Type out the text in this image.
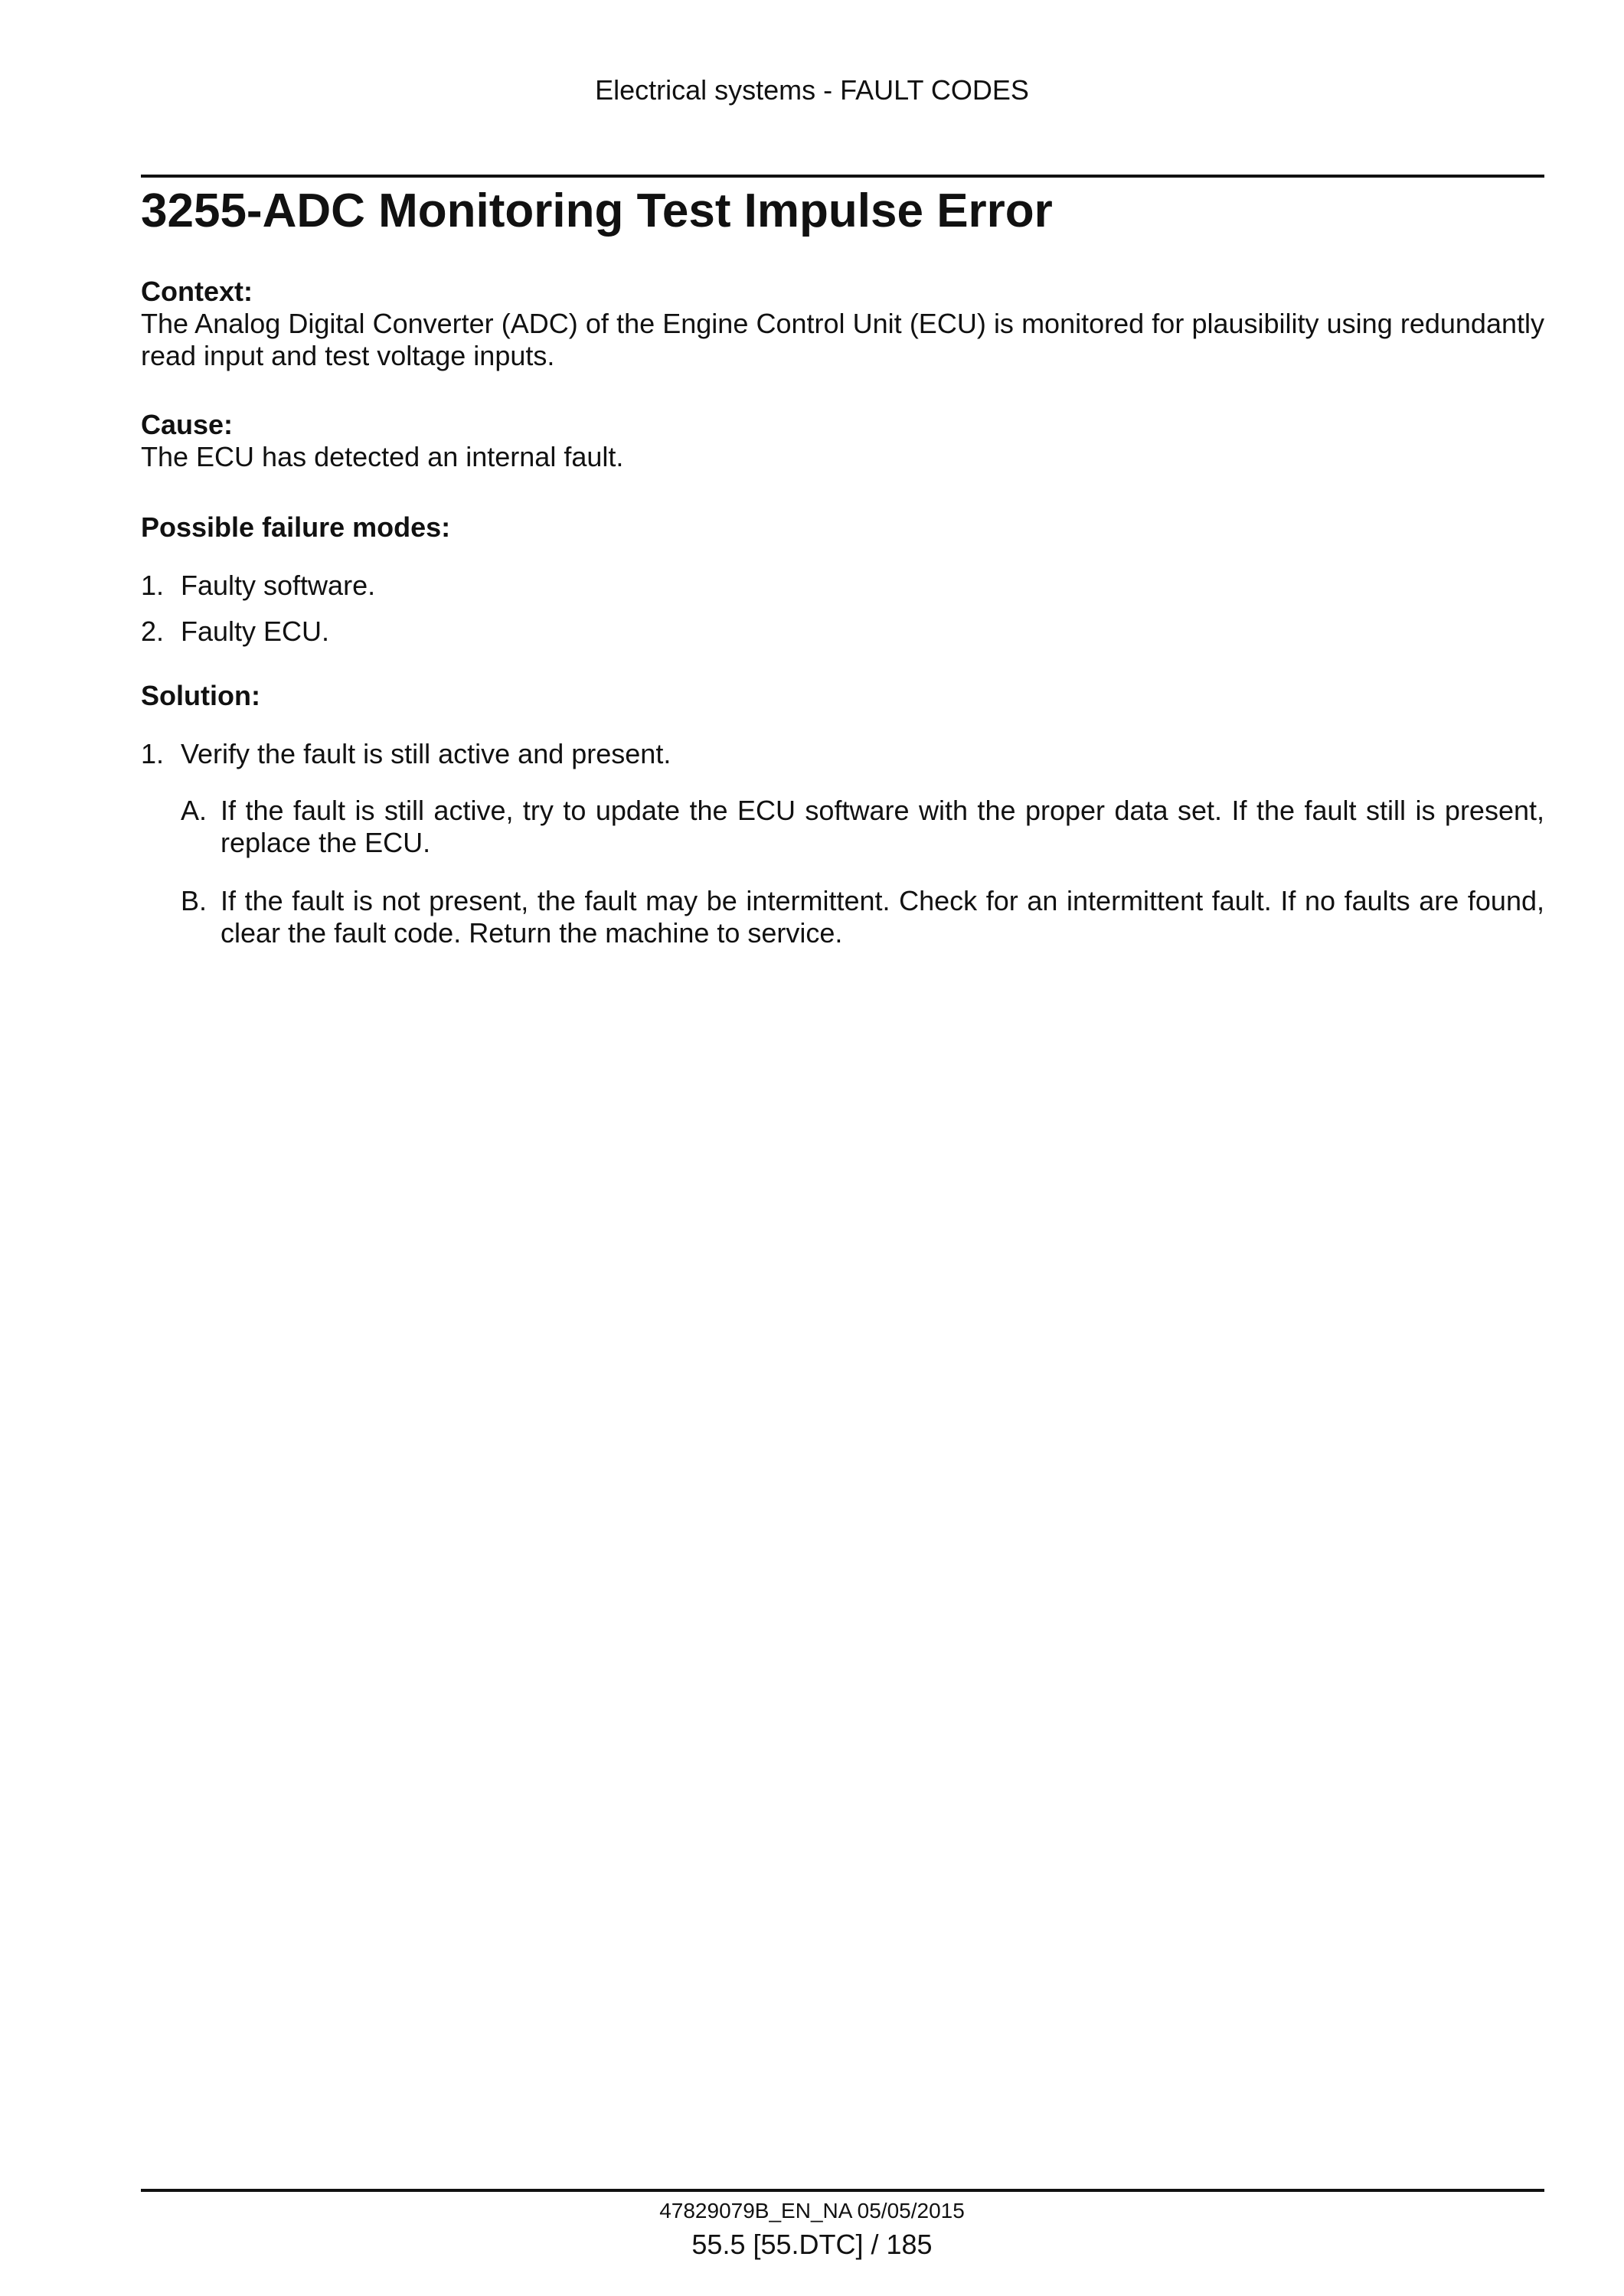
Electrical systems - FAULT CODES
3255-ADC Monitoring Test Impulse Error
Context:
The Analog Digital Converter (ADC) of the Engine Control Unit (ECU) is monitored for plausibility using redundantly read input and test voltage inputs.
Cause:
The ECU has detected an internal fault.
Possible failure modes:
1. Faulty software.
2. Faulty ECU.
Solution:
1. Verify the fault is still active and present.
A. If the fault is still active, try to update the ECU software with the proper data set. If the fault still is present, replace the ECU.
B. If the fault is not present, the fault may be intermittent. Check for an intermittent fault. If no faults are found, clear the fault code. Return the machine to service.
47829079B_EN_NA 05/05/2015
55.5 [55.DTC] / 185
